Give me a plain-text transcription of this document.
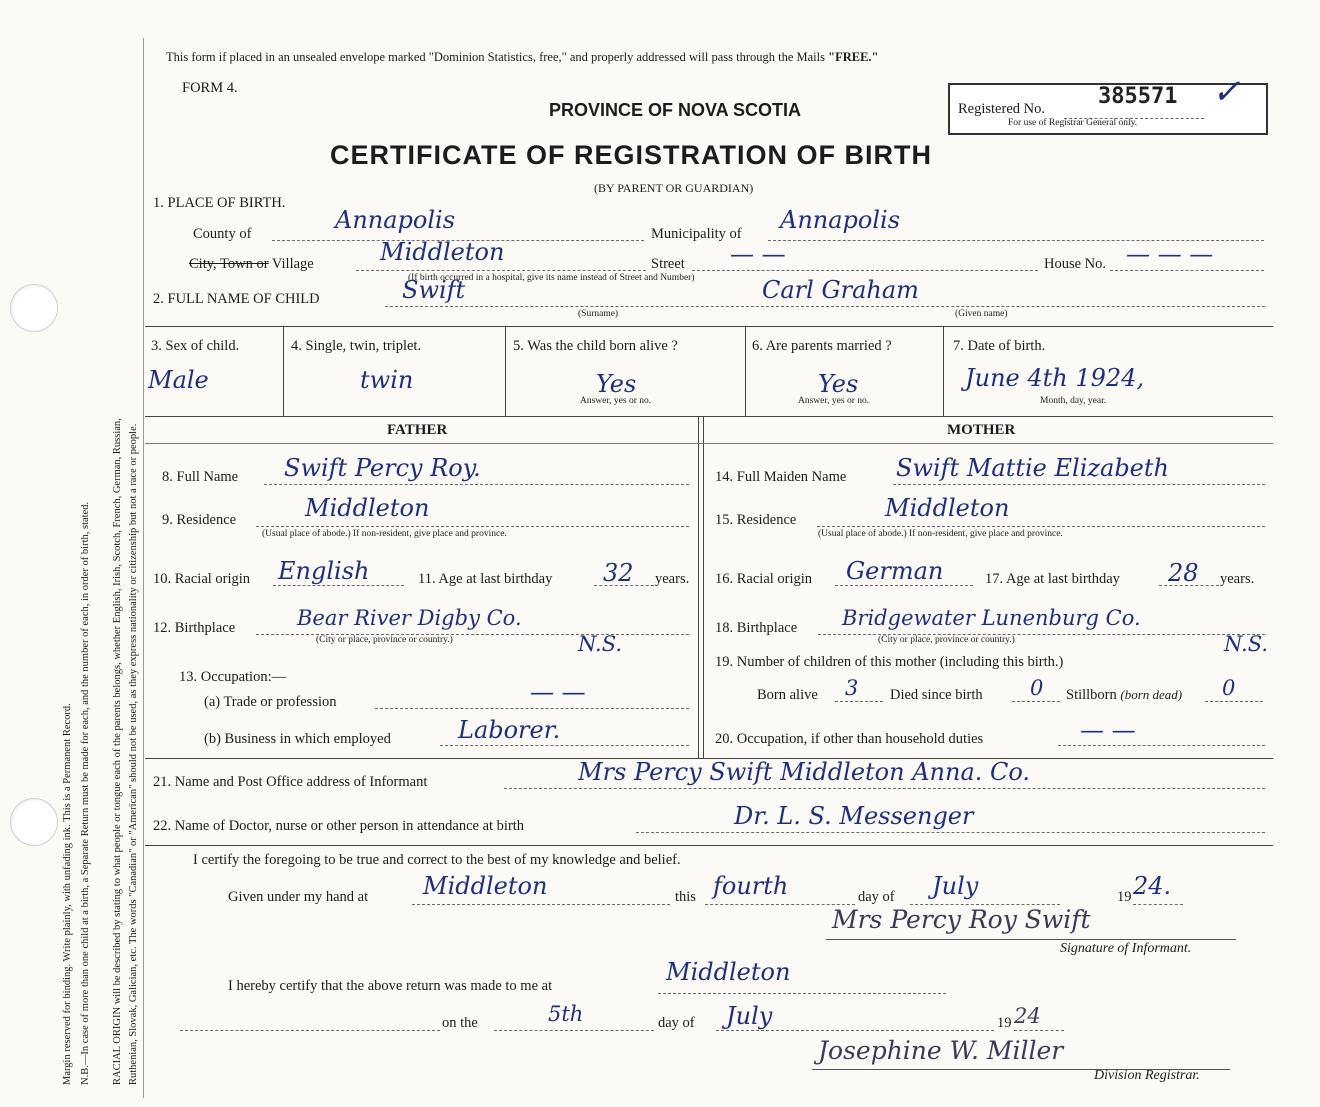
Margin reserved for binding. Write plainly, with unfading ink. This is a Permanent Record. N.B.—In case of more than one child at a birth, a Separate Return must be made for each, and the number of each, in order of birth, stated. RACIAL ORIGIN will be described by stating to what people or tongue each of the parents belongs, whether English, Irish, Scotch, French, German, Russian, Ruthenian, Slovak, Galician, etc. The words "Canadian" or "American" should not be used, as they express nationality or citizenship but not a race or people.
This form if placed in an unsealed envelope marked "Dominion Statistics, free," and properly addressed will pass through the Mails "FREE."
FORM 4.
PROVINCE OF NOVA SCOTIA	Registered No. 385571 ✓
For use of Registrar General only.
CERTIFICATE OF REGISTRATION OF BIRTH
(BY PARENT OR GUARDIAN)
1. PLACE OF BIRTH.
County of	Annapolis	Municipality of Annapolis
City, Town or Village	Middleton	Street — —	House No. — — —
(If birth occurred in a hospital, give its name instead of Street and Number)
2. FULL NAME OF CHILD	Swift	Carl Graham
(Surname)	(Given name)
3. Sex of child.
Male
4. Single, twin, triplet.
twin
5. Was the child born alive ?
Yes
Answer, yes or no.
6. Are parents married ?
Yes
Answer, yes or no.
7. Date of birth.
June 4th 1924,
Month, day, year.
FATHER	MOTHER
8. Full Name Swift Percy Roy.
9. Residence	Middleton
(Usual place of abode.) If non-resident, give place and province.
10. Racial origin English	11. Age at last birthday 32 years.
12. Birthplace	Bear River Digby Co.
N.S.
(City or place, province or country.)
13. Occupation:—
(a) Trade or profession	— —
(b) Business in which employed	Laborer.
14. Full Maiden Name Swift Mattie Elizabeth
15. Residence	Middleton
(Usual place of abode.) If non-resident, give place and province.
16. Racial origin German	17. Age at last birthday 28 years.
18. Birthplace Bridgewater Lunenburg Co.
N.S.
(City or place, province or country.)
19. Number of children of this mother (including this birth.)
Born alive 3 Died since birth 0 Stillborn (born dead) 0
20. Occupation, if other than household duties	— —
21. Name and Post Office address of Informant	Mrs Percy Swift Middleton Anna. Co.
22. Name of Doctor, nurse or other person in attendance at birth	Dr. L. S. Messenger
I certify the foregoing to be true and correct to the best of my knowledge and belief.
Given under my hand at Middleton	this fourth	day of July	19 24.
Mrs Percy Roy Swift
Signature of Informant.
I hereby certify that the above return was made to me at	Middleton
on the	5th	day of July	19 24
Josephine W. Miller
Division Registrar.
